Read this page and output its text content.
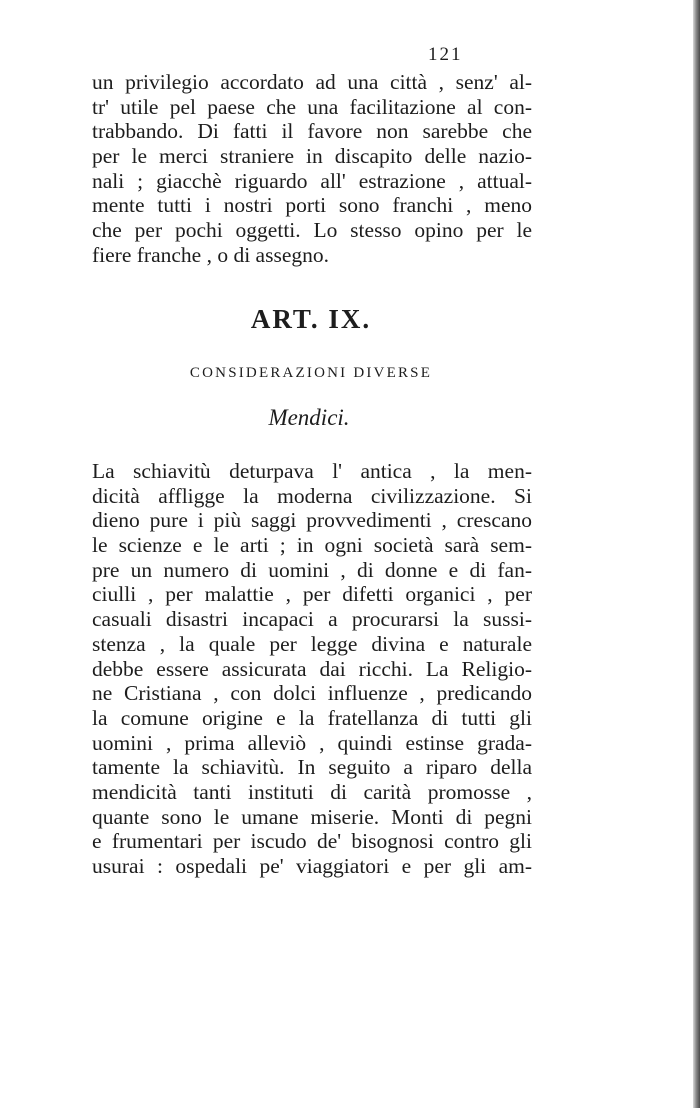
121
un privilegio accordato ad una città , senz' al-
tr' utile pel paese che una facilitazione al con-
trabbando. Di fatti il favore non sarebbe che
per le merci straniere in discapito delle nazio-
nali ; giacchè riguardo all' estrazione , attual-
mente tutti i nostri porti sono franchi , meno
che per pochi oggetti. Lo stesso opino per le
fiere franche , o di assegno.
ART. IX.
CONSIDERAZIONI DIVERSE
Mendici.
La schiavitù deturpava l' antica , la men-
dicità affligge la moderna civilizzazione. Si
dieno pure i più saggi provvedimenti , crescano
le scienze e le arti ; in ogni società sarà sem-
pre un numero di uomini , di donne e di fan-
ciulli , per malattie , per difetti organici , per
casuali disastri incapaci a procurarsi la sussi-
stenza , la quale per legge divina e naturale
debbe essere assicurata dai ricchi. La Religio-
ne Cristiana , con dolci influenze , predicando
la comune origine e la fratellanza di tutti gli
uomini , prima alleviò , quindi estinse grada-
tamente la schiavitù. In seguito a riparo della
mendicità tanti instituti di carità promosse ,
quante sono le umane miserie. Monti di pegni
e frumentari per iscudo de' bisognosi contro gli
usurai : ospedali pe' viaggiatori e per gli am-
